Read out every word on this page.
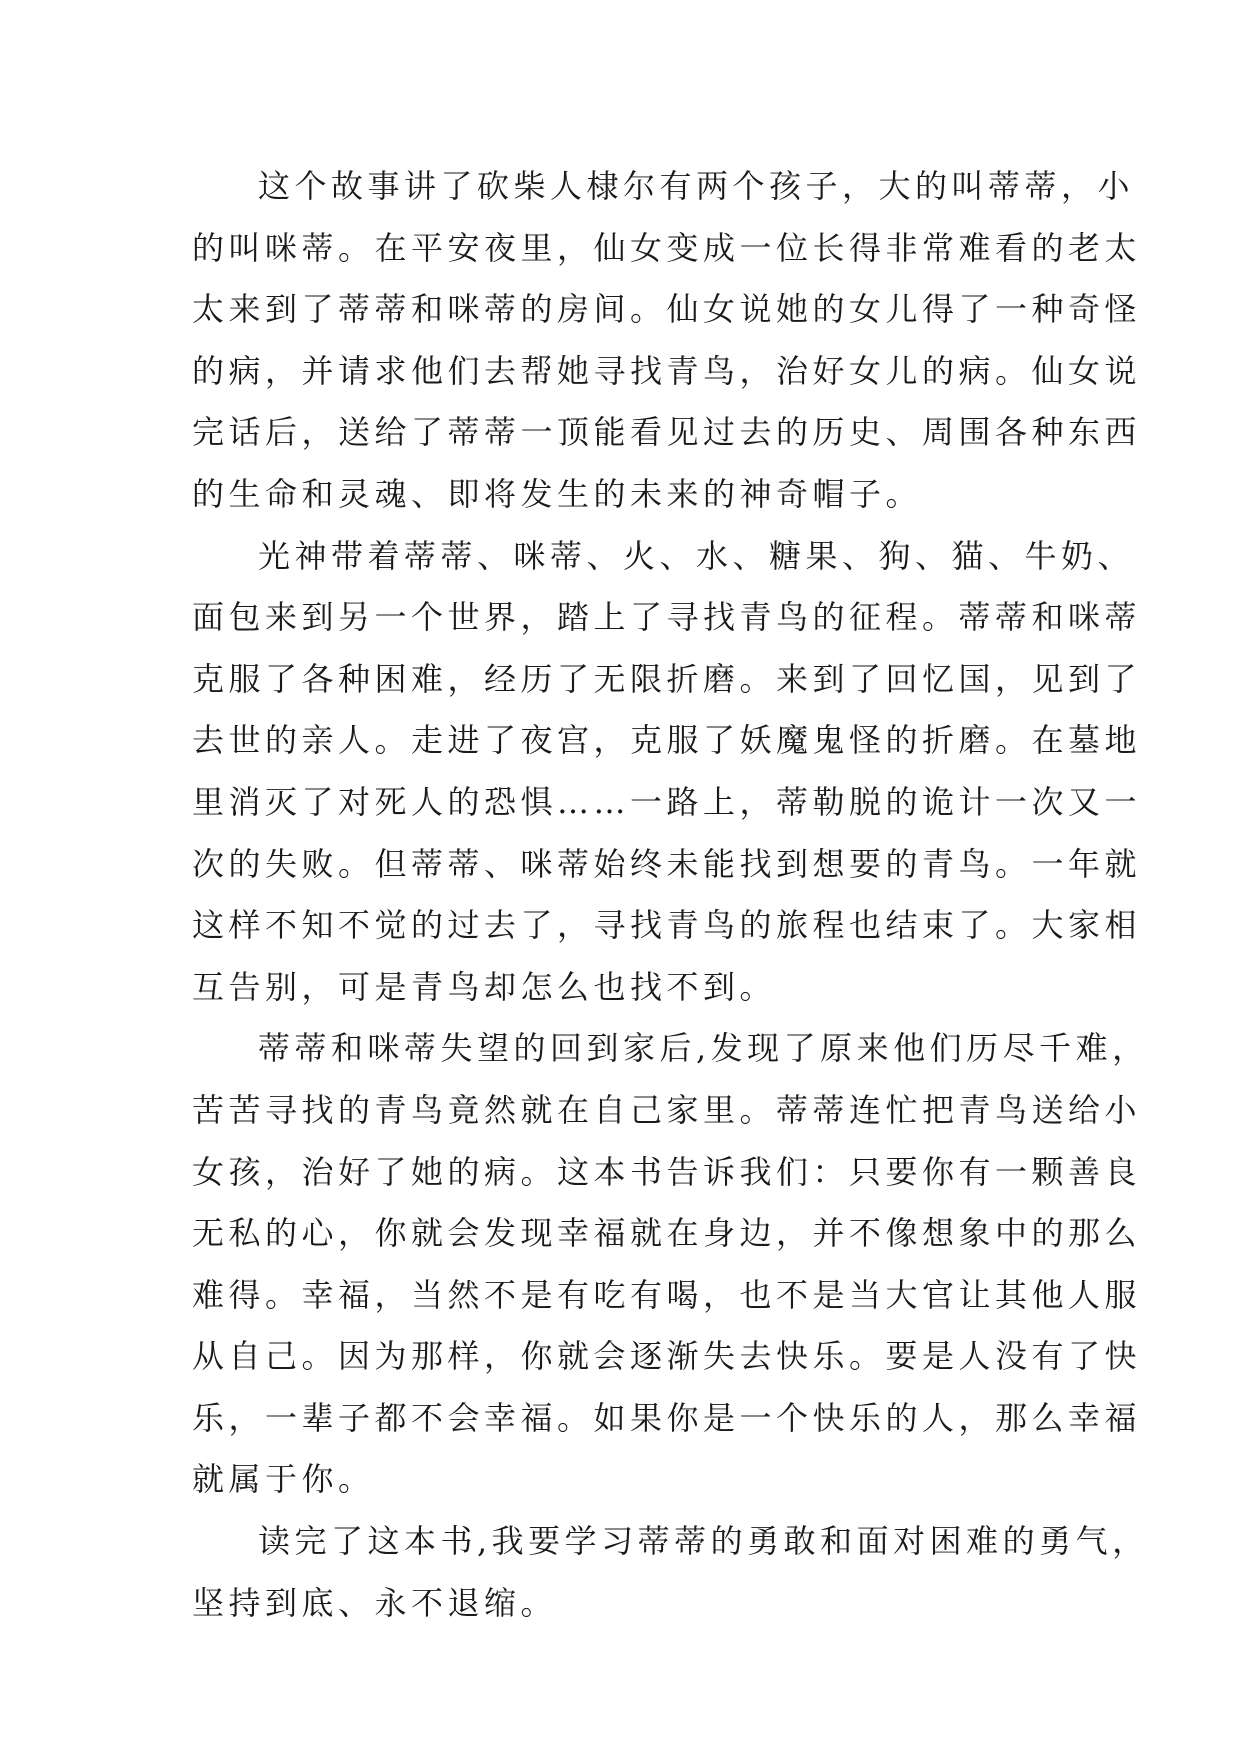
这个故事讲了砍柴人棣尔有两个孩子，大的叫蒂蒂，小
的叫咪蒂。在平安夜里，仙女变成一位长得非常难看的老太
太来到了蒂蒂和咪蒂的房间。仙女说她的女儿得了一种奇怪
的病，并请求他们去帮她寻找青鸟，治好女儿的病。仙女说
完话后，送给了蒂蒂一顶能看见过去的历史、周围各种东西
的生命和灵魂、即将发生的未来的神奇帽子。
光神带着蒂蒂、咪蒂、火、水、糖果、狗、猫、牛奶、
面包来到另一个世界，踏上了寻找青鸟的征程。蒂蒂和咪蒂
克服了各种困难，经历了无限折磨。来到了回忆国，见到了
去世的亲人。走进了夜宫，克服了妖魔鬼怪的折磨。在墓地
里消灭了对死人的恐惧……一路上，蒂勒脱的诡计一次又一
次的失败。但蒂蒂、咪蒂始终未能找到想要的青鸟。一年就
这样不知不觉的过去了，寻找青鸟的旅程也结束了。大家相
互告别，可是青鸟却怎么也找不到。
蒂蒂和咪蒂失望的回到家后,发现了原来他们历尽千难，
苦苦寻找的青鸟竟然就在自己家里。蒂蒂连忙把青鸟送给小
女孩，治好了她的病。这本书告诉我们：只要你有一颗善良
无私的心，你就会发现幸福就在身边，并不像想象中的那么
难得。幸福，当然不是有吃有喝，也不是当大官让其他人服
从自己。因为那样，你就会逐渐失去快乐。要是人没有了快
乐，一辈子都不会幸福。如果你是一个快乐的人，那么幸福
就属于你。
读完了这本书,我要学习蒂蒂的勇敢和面对困难的勇气，
坚持到底、永不退缩。
